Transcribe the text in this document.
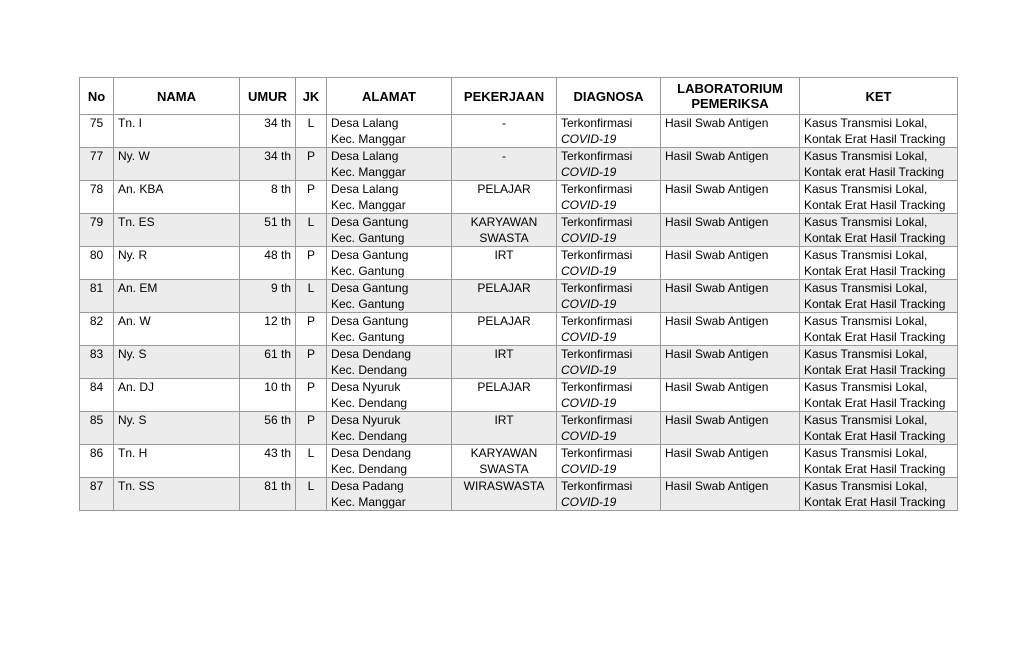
No	NAMA	UMUR	JK	ALAMAT	PEKERJAAN	DIAGNOSA	LABORATORIUM
PEMERIKSA	KET

75	Tn. I	34 th	L	Desa Lalang
Kec. Manggar	-	Terkonfirmasi
COVID-19	Hasil Swab Antigen	Kasus Transmisi Lokal,
Kontak Erat Hasil Tracking

77	Ny. W	34 th	P	Desa Lalang
Kec. Manggar	-	Terkonfirmasi
COVID-19	Hasil Swab Antigen	Kasus Transmisi Lokal,
Kontak erat Hasil Tracking

78	An. KBA	8 th	P	Desa Lalang
Kec. Manggar	PELAJAR	Terkonfirmasi
COVID-19	Hasil Swab Antigen	Kasus Transmisi Lokal,
Kontak Erat Hasil Tracking

79	Tn. ES	51 th	L	Desa Gantung
Kec. Gantung	KARYAWAN
SWASTA	Terkonfirmasi
COVID-19	Hasil Swab Antigen	Kasus Transmisi Lokal,
Kontak Erat Hasil Tracking

80	Ny. R	48 th	P	Desa Gantung
Kec. Gantung	IRT	Terkonfirmasi
COVID-19	Hasil Swab Antigen	Kasus Transmisi Lokal,
Kontak Erat Hasil Tracking

81	An. EM	9 th	L	Desa Gantung
Kec. Gantung	PELAJAR	Terkonfirmasi
COVID-19	Hasil Swab Antigen	Kasus Transmisi Lokal,
Kontak Erat Hasil Tracking

82	An. W	12 th	P	Desa Gantung
Kec. Gantung	PELAJAR	Terkonfirmasi
COVID-19	Hasil Swab Antigen	Kasus Transmisi Lokal,
Kontak Erat Hasil Tracking

83	Ny. S	61 th	P	Desa Dendang
Kec. Dendang	IRT	Terkonfirmasi
COVID-19	Hasil Swab Antigen	Kasus Transmisi Lokal,
Kontak Erat Hasil Tracking

84	An. DJ	10 th	P	Desa Nyuruk
Kec. Dendang	PELAJAR	Terkonfirmasi
COVID-19	Hasil Swab Antigen	Kasus Transmisi Lokal,
Kontak Erat Hasil Tracking

85	Ny. S	56 th	P	Desa Nyuruk
Kec. Dendang	IRT	Terkonfirmasi
COVID-19	Hasil Swab Antigen	Kasus Transmisi Lokal,
Kontak Erat Hasil Tracking

86	Tn. H	43 th	L	Desa Dendang
Kec. Dendang	KARYAWAN
SWASTA	Terkonfirmasi
COVID-19	Hasil Swab Antigen	Kasus Transmisi Lokal,
Kontak Erat Hasil Tracking

87	Tn. SS	81 th	L	Desa Padang
Kec. Manggar	WIRASWASTA	Terkonfirmasi
COVID-19	Hasil Swab Antigen	Kasus Transmisi Lokal,
Kontak Erat Hasil Tracking
